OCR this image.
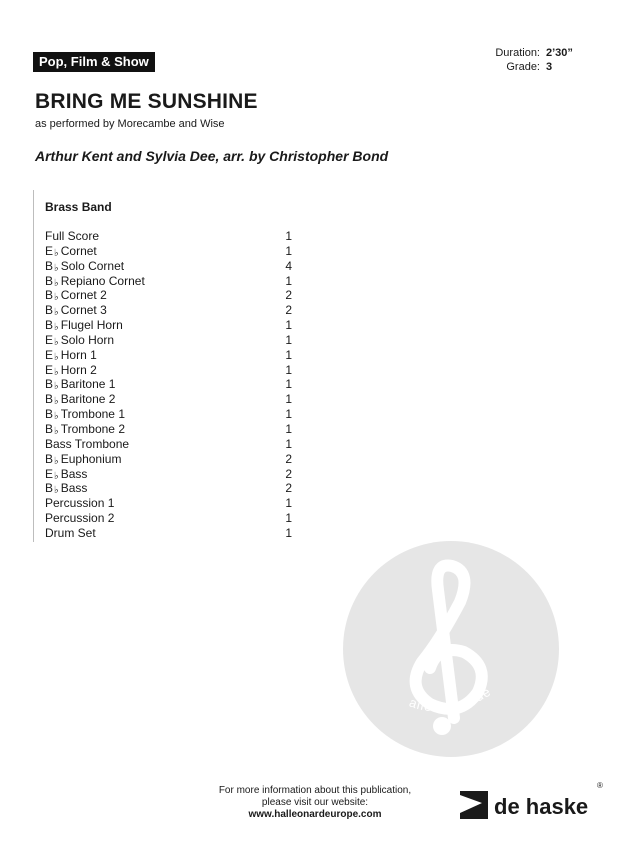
Pop, Film & Show
Duration: 2’30”
Grade: 3
BRING ME SUNSHINE
as performed by Morecambe and Wise
Arthur Kent and Sylvia Dee, arr. by Christopher Bond
Brass Band
Full Score	1
E♭ Cornet	1
B♭ Solo Cornet	4
B♭ Repiano Cornet	1
B♭ Cornet 2	2
B♭ Cornet 3	2
B♭ Flugel Horn	1
E♭ Solo Horn	1
E♭ Horn 1	1
E♭ Horn 2	1
B♭ Baritone 1	1
B♭ Baritone 2	1
B♭ Trombone 1	1
B♭ Trombone 2	1
Bass Trombone	1
B♭ Euphonium	2
E♭ Bass	2
B♭ Bass	2
Percussion 1	1
Percussion 2	1
Drum Set	1
alle-noten.de
For more information about this publication,
please visit our website:
www.halleonardeurope.com	de haske
®
